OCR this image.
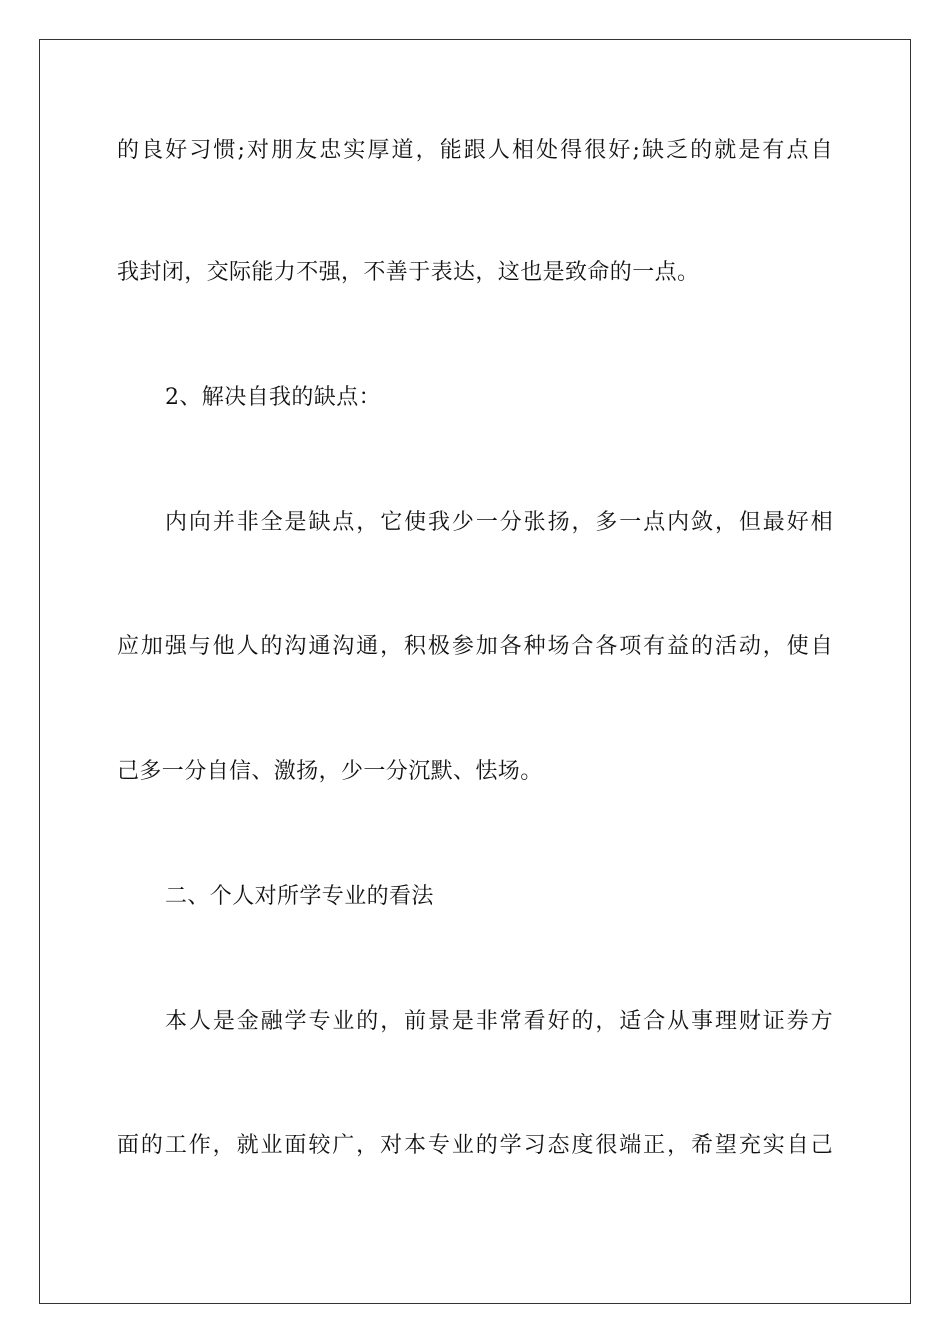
的良好习惯;对朋友忠实厚道，能跟人相处得很好;缺乏的就是有点自
我封闭，交际能力不强，不善于表达，这也是致命的一点。
2、解决自我的缺点：
内向并非全是缺点，它使我少一分张扬，多一点内敛，但最好相
应加强与他人的沟通沟通，积极参加各种场合各项有益的活动，使自
己多一分自信、激扬，少一分沉默、怯场。
二、个人对所学专业的看法
本人是金融学专业的，前景是非常看好的，适合从事理财证券方
面的工作，就业面较广，对本专业的学习态度很端正，希望充实自己
